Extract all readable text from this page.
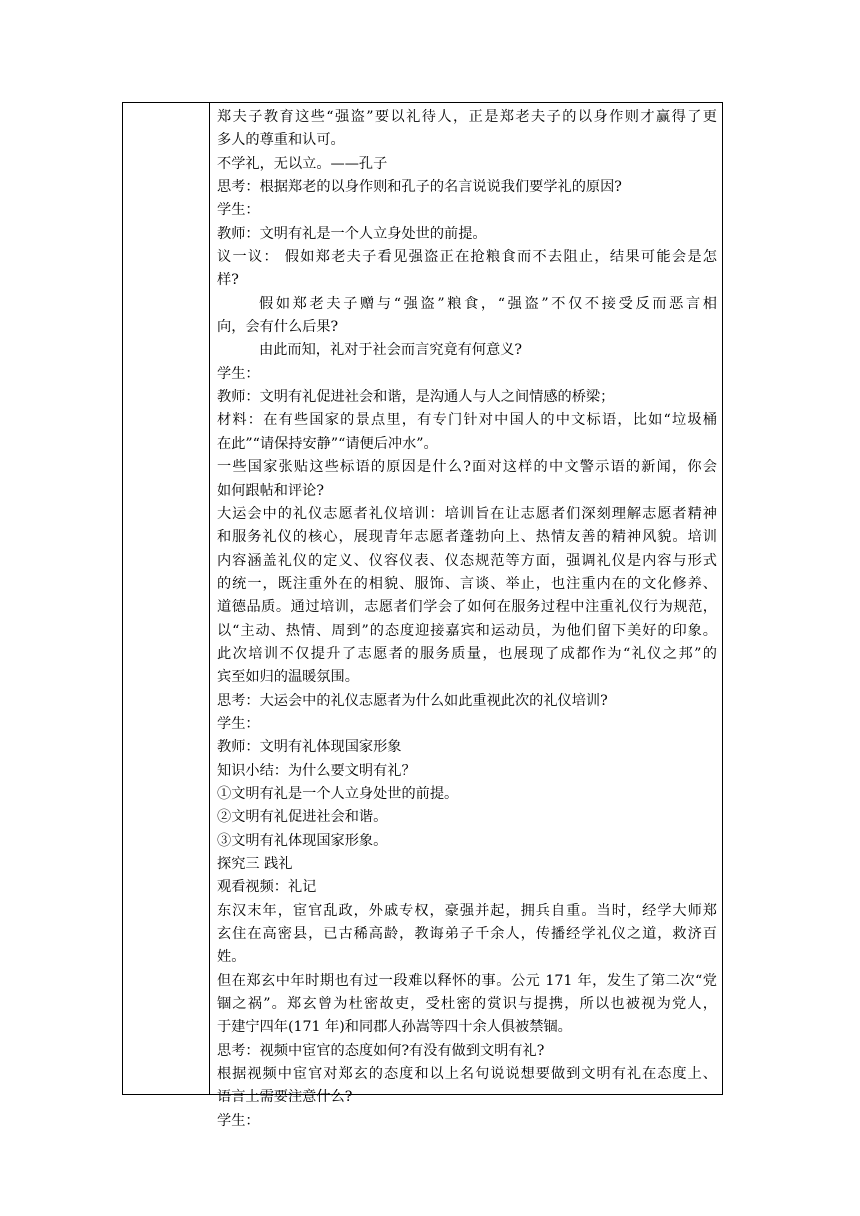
郑夫子教育这些“强盗”要以礼待人，正是郑老夫子的以身作则才赢得了更
多人的尊重和认可。
不学礼，无以立。——孔子
思考：根据郑老的以身作则和孔子的名言说说我们要学礼的原因?
学生：
教师：文明有礼是一个人立身处世的前提。
议一议： 假如郑老夫子看见强盗正在抢粮食而不去阻止，结果可能会是怎
样?
假如郑老夫子赠与“强盗”粮食，“强盗”不仅不接受反而恶言相
向，会有什么后果?
由此而知，礼对于社会而言究竟有何意义?
学生：
教师：文明有礼促进社会和谐，是沟通人与人之间情感的桥梁；
材料：在有些国家的景点里，有专门针对中国人的中文标语，比如“垃圾桶
在此”“请保持安静”“请便后冲水”。
一些国家张贴这些标语的原因是什么?面对这样的中文警示语的新闻，你会
如何跟帖和评论?
大运会中的礼仪志愿者礼仪培训：培训旨在让志愿者们深刻理解志愿者精神
和服务礼仪的核心，展现青年志愿者蓬勃向上、热情友善的精神风貌。培训
内容涵盖礼仪的定义、仪容仪表、仪态规范等方面，强调礼仪是内容与形式
的统一，既注重外在的相貌、服饰、言谈、举止，也注重内在的文化修养、
道德品质。通过培训，志愿者们学会了如何在服务过程中注重礼仪行为规范，
以“主动、热情、周到”的态度迎接嘉宾和运动员，为他们留下美好的印象。
此次培训不仅提升了志愿者的服务质量，也展现了成都作为“礼仪之邦”的
宾至如归的温暖氛围。
思考：大运会中的礼仪志愿者为什么如此重视此次的礼仪培训?
学生：
教师：文明有礼体现国家形象
知识小结：为什么要文明有礼？
①文明有礼是一个人立身处世的前提。
②文明有礼促进社会和谐。
③文明有礼体现国家形象。
探究三 践礼
观看视频：礼记
东汉末年，宦官乱政，外戚专权，豪强并起，拥兵自重。当时，经学大师郑
玄住在高密县，已古稀高龄，教诲弟子千余人，传播经学礼仪之道，救济百
姓。
但在郑玄中年时期也有过一段难以释怀的事。公元 171 年，发生了第二次“党
锢之祸”。郑玄曾为杜密故吏，受杜密的赏识与提携，所以也被视为党人，
于建宁四年(171 年)和同郡人孙嵩等四十余人俱被禁锢。
思考：视频中宦官的态度如何?有没有做到文明有礼?
根据视频中宦官对郑玄的态度和以上名句说说想要做到文明有礼在态度上、
语言上需要注意什么?
学生：
